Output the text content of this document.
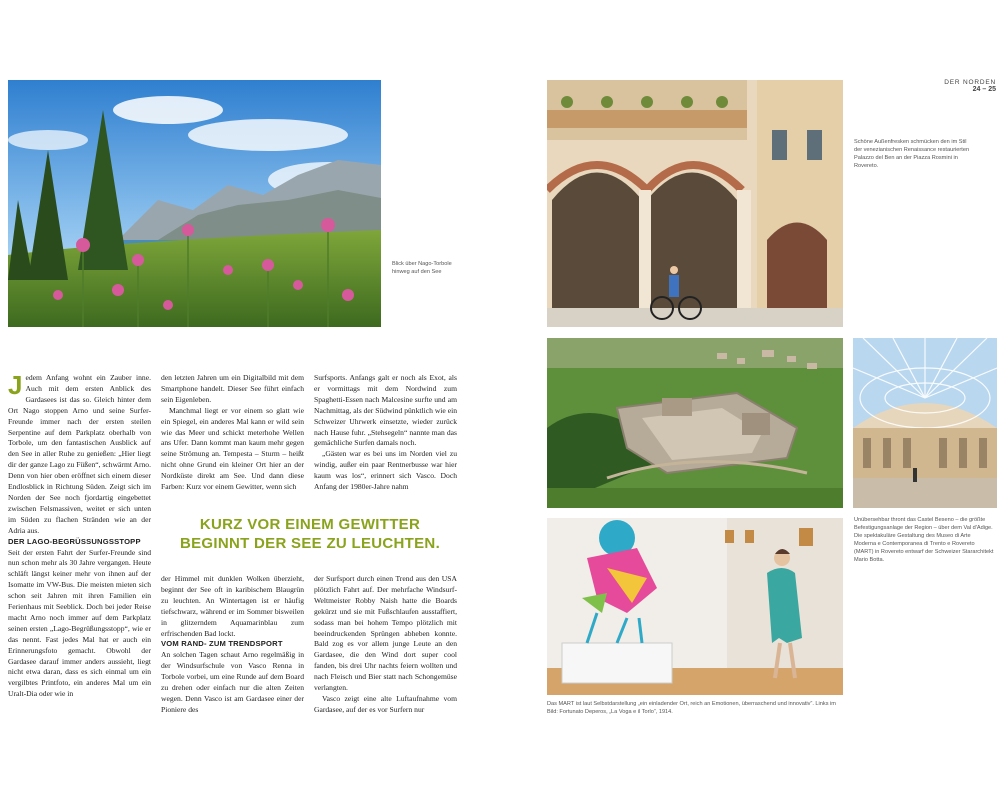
Blick über Nago-Torbole hinweg auf den See

Jedem Anfang wohnt ein Zauber inne. Auch mit dem ersten Anblick des Gardasees ist das so. Gleich hinter dem Ort Nago stoppen Arno und seine Surfer-Freunde immer nach der ersten steilen Serpentine auf dem Parkplatz oberhalb von Torbole, um den fantastischen Ausblick auf den See in aller Ruhe zu genießen: „Hier liegt dir der ganze Lago zu Füßen“, schwärmt Arno. Denn von hier oben eröffnet sich einem dieser Endlosblick in Richtung Süden. Zeigt sich im Norden der See noch fjordartig eingebettet zwischen Felsmassiven, weitet er sich unten im Süden zu flachen Stränden wie an der Adria aus.

DER LAGO-BEGRÜSSUNGSSTOPP

Seit der ersten Fahrt der Surfer-Freunde sind nun schon mehr als 30 Jahre vergangen. Heute schläft längst keiner mehr von ihnen auf der Isomatte im VW-Bus. Die meisten mieten sich schon seit Jahren mit ihren Familien ein Ferienhaus mit Seeblick. Doch bei jeder Reise macht Arno noch immer auf dem Parkplatz seinen ersten „Lago-Begrüßungsstopp“, wie er das nennt. Fast jedes Mal hat er auch ein Erinnerungsfoto gemacht. Obwohl der Gardasee darauf immer anders aussieht, liegt nicht etwa daran, dass es sich einmal um ein vergilbtes Printfoto, ein anderes Mal um ein Uralt-Dia oder wie in

den letzten Jahren um ein Digitalbild mit dem Smartphone handelt. Dieser See führt einfach sein Eigenleben.

Manchmal liegt er vor einem so glatt wie ein Spiegel, ein anderes Mal kann er wild sein wie das Meer und schickt meterhohe Wellen ans Ufer. Dann kommt man kaum mehr gegen seine Strömung an. Tempesta – Sturm – heißt nicht ohne Grund ein kleiner Ort hier an der Nordküste direkt am See. Und dann diese Farben: Kurz vor einem Gewitter, wenn sich

Surfsports. Anfangs galt er noch als Exot, als er vormittags mit dem Nordwind zum Spaghetti-Essen nach Malcesine surfte und am Nachmittag, als der Südwind pünktlich wie ein Schweizer Uhrwerk einsetzte, wieder zurück nach Hause fuhr. „Stehsegeln“ nannte man das gemächliche Surfen damals noch.

„Gästen war es bei uns im Norden viel zu windig, außer ein paar Rentnerbusse war hier kaum was los“, erinnert sich Vasco. Doch Anfang der 1980er-Jahre nahm

KURZ VOR EINEM GEWITTER BEGINNT DER SEE ZU LEUCHTEN.

der Himmel mit dunklen Wolken überzieht, beginnt der See oft in karibischem Blaugrün zu leuchten. An Wintertagen ist er häufig tiefschwarz, während er im Sommer bisweilen in glitzerndem Aquamarinblau zum erfrischenden Bad lockt.

VOM RAND- ZUM TRENDSPORT

An solchen Tagen schaut Arno regelmäßig in der Windsurfschule von Vasco Renna in Torbole vorbei, um eine Runde auf dem Board zu drehen oder einfach nur die alten Zeiten wegen. Denn Vasco ist am Gardasee einer der Pioniere des

der Surfsport durch einen Trend aus den USA plötzlich Fahrt auf. Der mehrfache Windsurf-Weltmeister Robby Naish hatte die Boards gekürzt und sie mit Fußschlaufen ausstaffiert, sodass man bei hohem Tempo plötzlich mit beeindruckenden Sprüngen abheben konnte. Bald zog es vor allem junge Leute an den Gardasee, die den Wind dort super cool fanden, bis drei Uhr nachts feiern wollten und nach Fleisch und Bier statt nach Schongemüse verlangten.

Vasco zeigt eine alte Luftaufnahme vom Gardasee, auf der es vor Surfern nur

DER NORDEN
24 – 25
Schöne Außenfresken schmücken den im Stil der venezianischen Renaissance restaurierten Palazzo del Ben an der Piazza Rosmini in Rovereto.
Unübersehbar thront das Castel Beseno – die größte Befestigungsanlage der Region – über dem Val d'Adige. Die spektakuläre Gestaltung des Museo di Arte Moderna e Contemporanea di Trento e Rovereto (MART) in Rovereto entwarf der Schweizer Stararchitekt Mario Botta.
Das MART ist laut Selbstdarstellung „ein einladender Ort, reich an Emotionen, überraschend und innovativ“. Links im Bild: Fortunato Deperos, „La Voga e il Torlo“, 1914.
